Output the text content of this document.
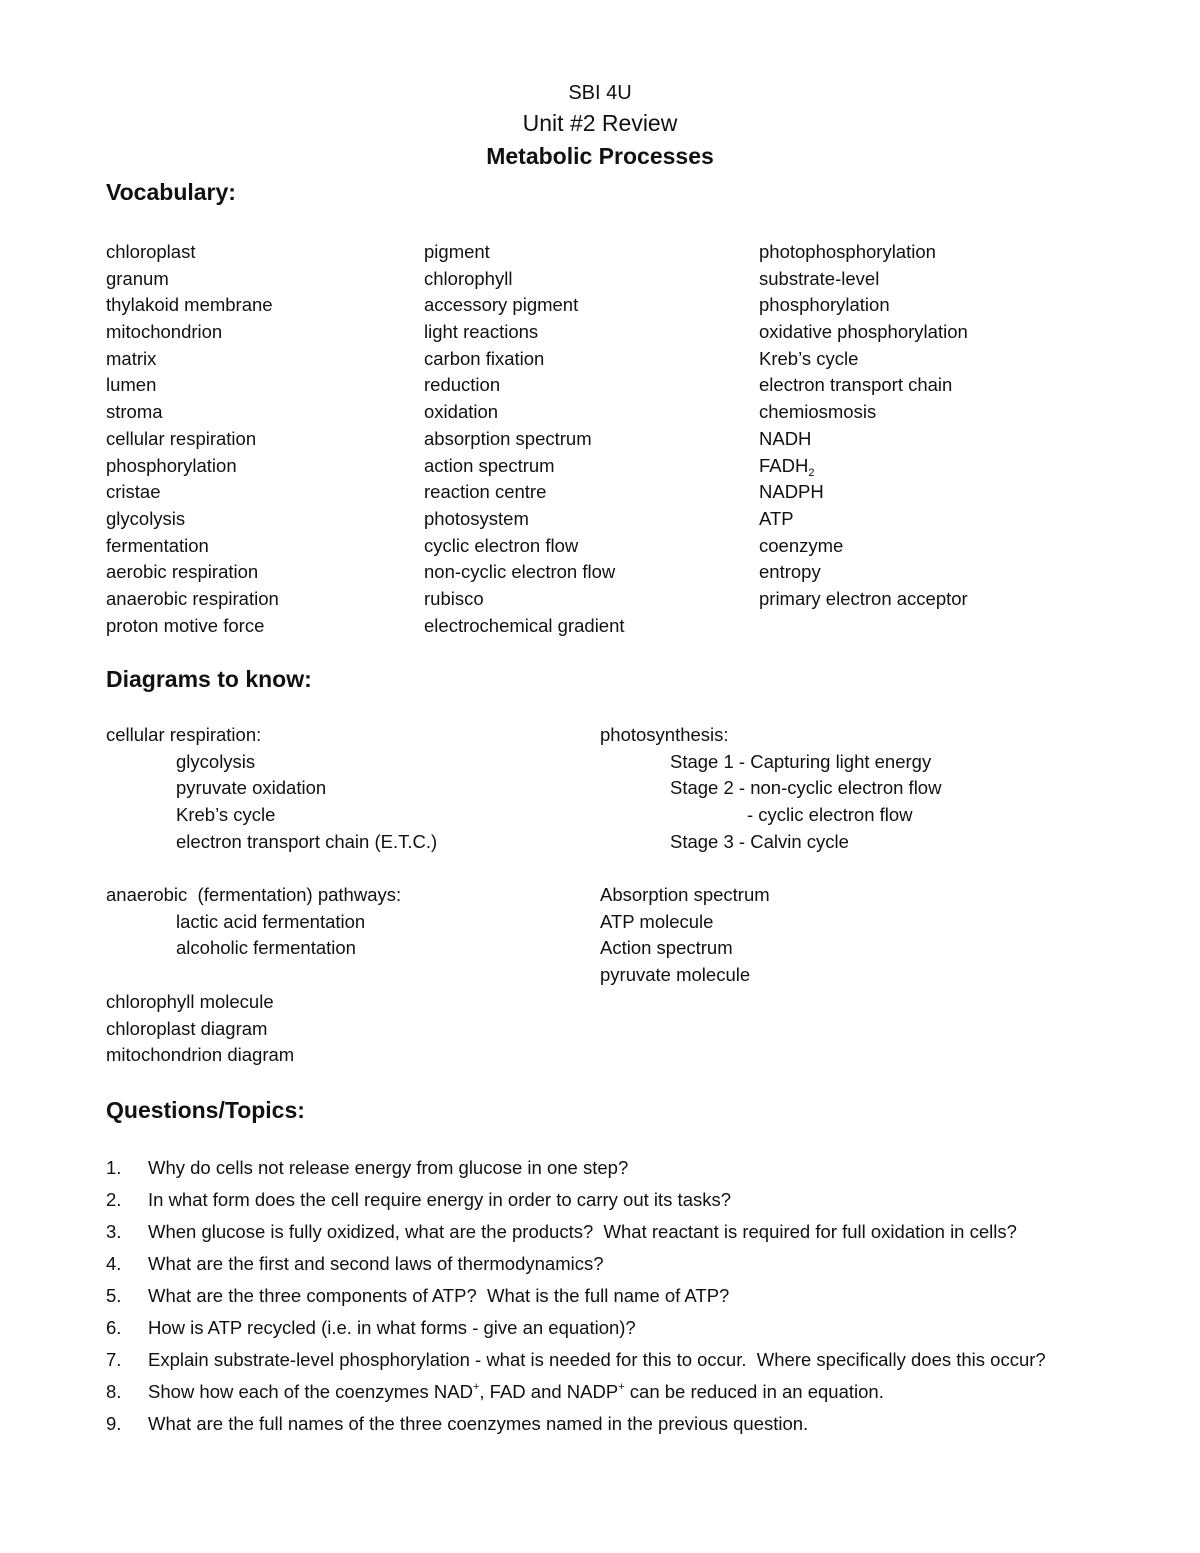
SBI 4U
Unit #2 Review
Metabolic Processes
Vocabulary:
chloroplast
granum
thylakoid membrane
mitochondrion
matrix
lumen
stroma
cellular respiration
phosphorylation
cristae
glycolysis
fermentation
aerobic respiration
anaerobic respiration
proton motive force
pigment
chlorophyll
accessory pigment
light reactions
carbon fixation
reduction
oxidation
absorption spectrum
action spectrum
reaction centre
photosystem
cyclic electron flow
non-cyclic electron flow
rubisco
electrochemical gradient
photophosphorylation
substrate-level
phosphorylation
oxidative phosphorylation
Kreb’s cycle
electron transport chain
chemiosmosis
NADH
$FADH_2$
NADPH
ATP
coenzyme
entropy
primary electron acceptor
Diagrams to know:
cellular respiration:
glycolysis
pyruvate oxidation
Kreb’s cycle
electron transport chain (E.T.C.)
photosynthesis:
Stage 1 - Capturing light energy
Stage 2 - non-cyclic electron flow
- cyclic electron flow
Stage 3 - Calvin cycle
anaerobic  (fermentation) pathways:
lactic acid fermentation
alcoholic fermentation
Absorption spectrum
ATP molecule
Action spectrum
pyruvate molecule
chlorophyll molecule
chloroplast diagram
mitochondrion diagram
Questions/Topics:
1. Why do cells not release energy from glucose in one step?
2. In what form does the cell require energy in order to carry out its tasks?
3. When glucose is fully oxidized, what are the products?  What reactant is required for full oxidation in cells?
4. What are the first and second laws of thermodynamics?
5. What are the three components of ATP?  What is the full name of ATP?
6. How is ATP recycled (i.e. in what forms - give an equation)?
7. Explain substrate-level phosphorylation - what is needed for this to occur.  Where specifically does this occur?
8. Show how each of the coenzymes NAD+, FAD and NADP+ can be reduced in an equation.
9. What are the full names of the three coenzymes named in the previous question.
